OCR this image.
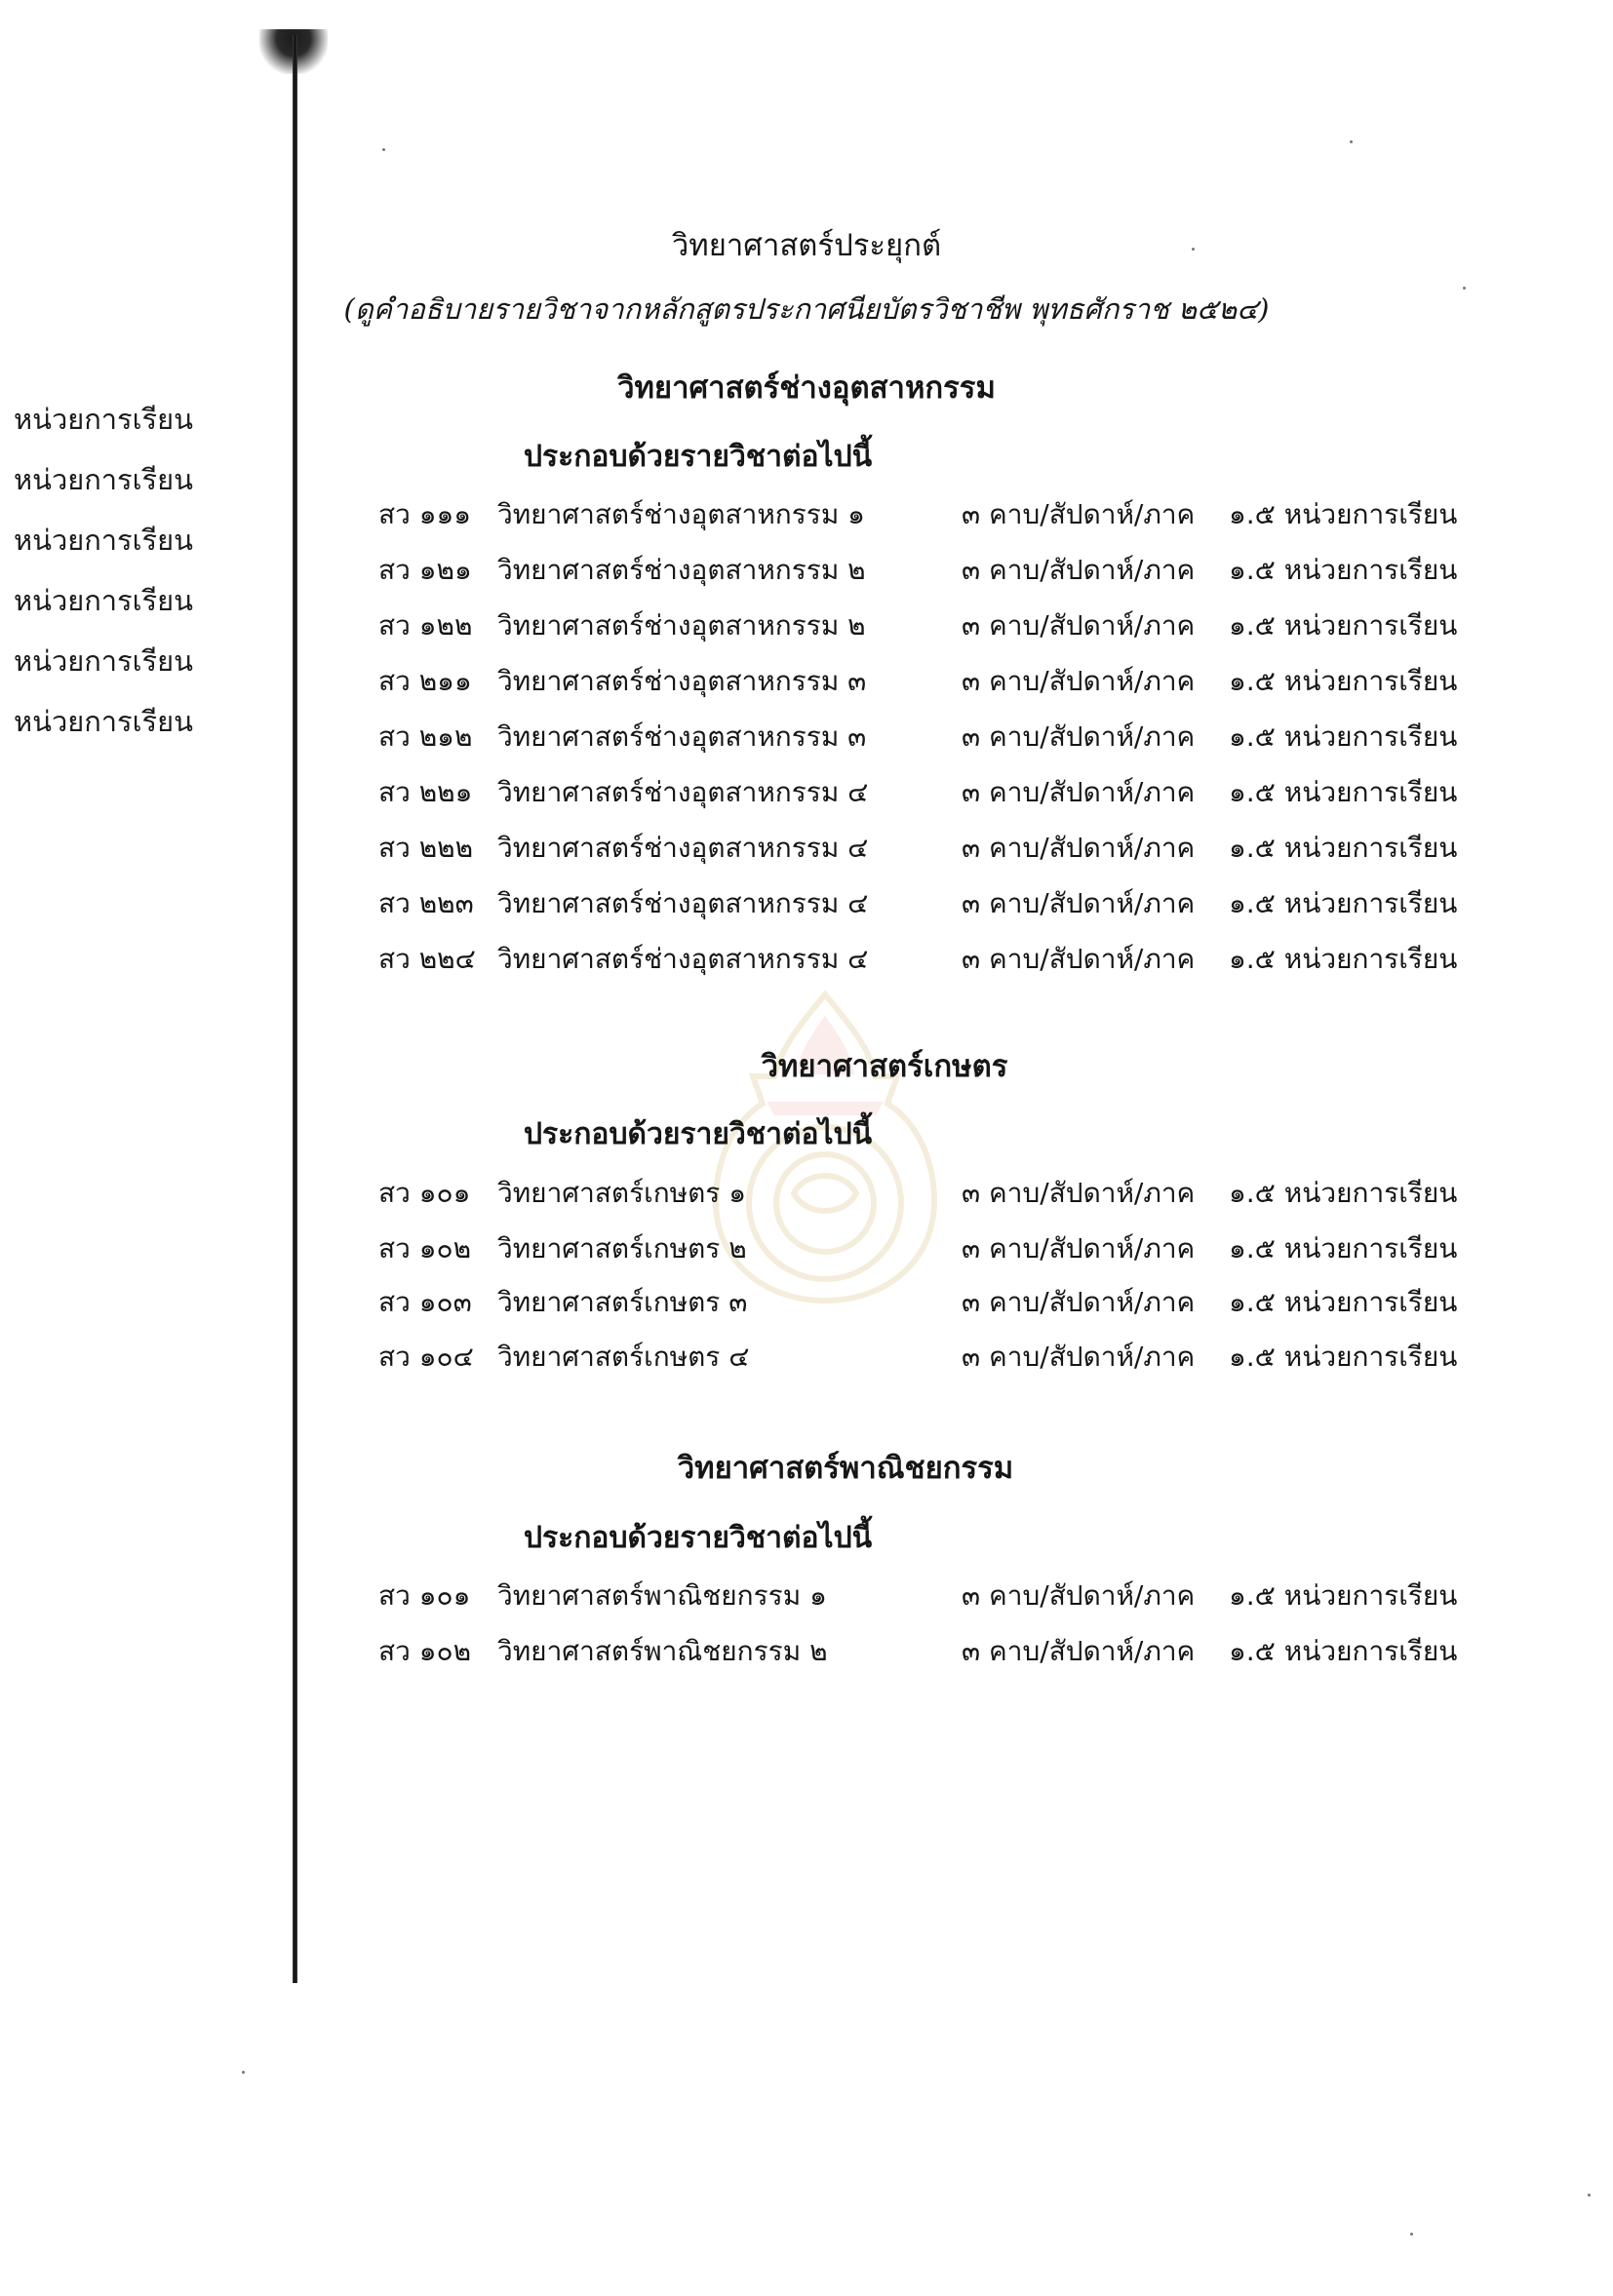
หน่วยการเรียน
หน่วยการเรียน
หน่วยการเรียน
หน่วยการเรียน
หน่วยการเรียน
หน่วยการเรียน
วิทยาศาสตร์ประยุกต์
(ดูคำอธิบายรายวิชาจากหลักสูตรประกาศนียบัตรวิชาชีพ พุทธศักราช ๒๕๒๔)
วิทยาศาสตร์ช่างอุตสาหกรรม
ประกอบด้วยรายวิชาต่อไปนี้
สว ๑๑๑ วิทยาศาสตร์ช่างอุตสาหกรรม ๑	๓ คาบ/สัปดาห์/ภาค ๑.๕ หน่วยการเรียน
สว ๑๒๑ วิทยาศาสตร์ช่างอุตสาหกรรม ๒	๓ คาบ/สัปดาห์/ภาค ๑.๕ หน่วยการเรียน
สว ๑๒๒ วิทยาศาสตร์ช่างอุตสาหกรรม ๒	๓ คาบ/สัปดาห์/ภาค ๑.๕ หน่วยการเรียน
สว ๒๑๑ วิทยาศาสตร์ช่างอุตสาหกรรม ๓	๓ คาบ/สัปดาห์/ภาค ๑.๕ หน่วยการเรียน
สว ๒๑๒ วิทยาศาสตร์ช่างอุตสาหกรรม ๓	๓ คาบ/สัปดาห์/ภาค ๑.๕ หน่วยการเรียน
สว ๒๒๑ วิทยาศาสตร์ช่างอุตสาหกรรม ๔	๓ คาบ/สัปดาห์/ภาค ๑.๕ หน่วยการเรียน
สว ๒๒๒ วิทยาศาสตร์ช่างอุตสาหกรรม ๔	๓ คาบ/สัปดาห์/ภาค ๑.๕ หน่วยการเรียน
สว ๒๒๓ วิทยาศาสตร์ช่างอุตสาหกรรม ๔	๓ คาบ/สัปดาห์/ภาค ๑.๕ หน่วยการเรียน
สว ๒๒๔ วิทยาศาสตร์ช่างอุตสาหกรรม ๔	๓ คาบ/สัปดาห์/ภาค ๑.๕ หน่วยการเรียน
วิทยาศาสตร์เกษตร
ประกอบด้วยรายวิชาต่อไปนี้
สว ๑๐๑ วิทยาศาสตร์เกษตร ๑	๓ คาบ/สัปดาห์/ภาค ๑.๕ หน่วยการเรียน
สว ๑๐๒ วิทยาศาสตร์เกษตร ๒	๓ คาบ/สัปดาห์/ภาค ๑.๕ หน่วยการเรียน
สว ๑๐๓ วิทยาศาสตร์เกษตร ๓	๓ คาบ/สัปดาห์/ภาค ๑.๕ หน่วยการเรียน
สว ๑๐๔ วิทยาศาสตร์เกษตร ๔	๓ คาบ/สัปดาห์/ภาค ๑.๕ หน่วยการเรียน
วิทยาศาสตร์พาณิชยกรรม
ประกอบด้วยรายวิชาต่อไปนี้
สว ๑๐๑ วิทยาศาสตร์พาณิชยกรรม ๑	๓ คาบ/สัปดาห์/ภาค ๑.๕ หน่วยการเรียน
สว ๑๐๒ วิทยาศาสตร์พาณิชยกรรม ๒	๓ คาบ/สัปดาห์/ภาค ๑.๕ หน่วยการเรียน
